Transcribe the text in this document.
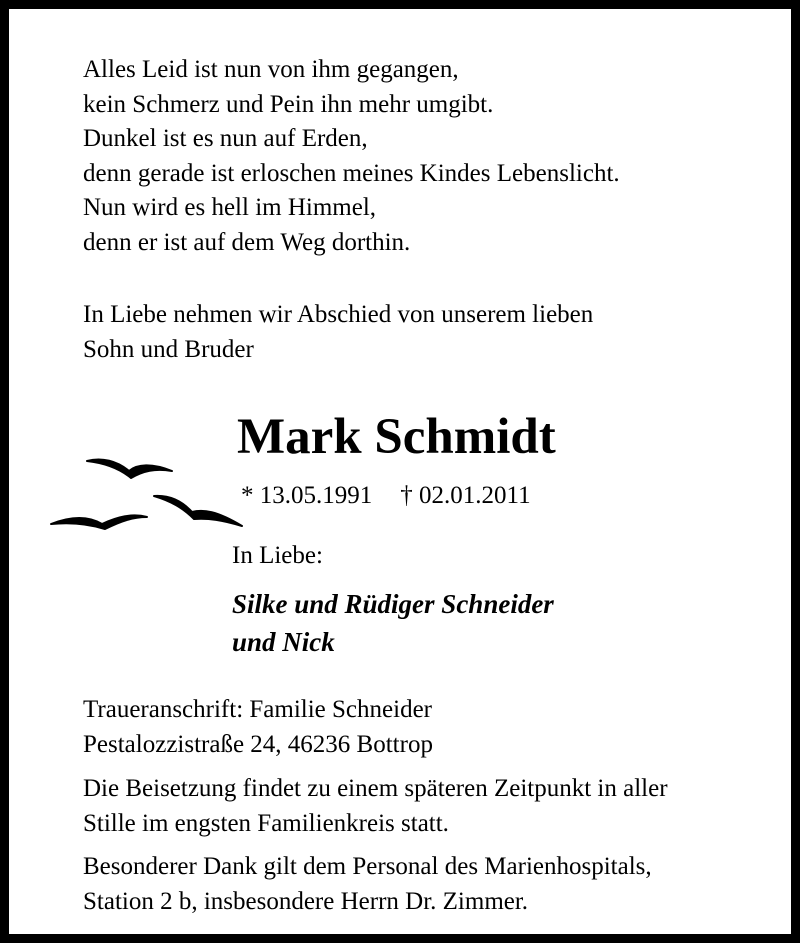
Alles Leid ist nun von ihm gegangen,
kein Schmerz und Pein ihn mehr umgibt.
Dunkel ist es nun auf Erden,
denn gerade ist erloschen meines Kindes Lebenslicht.
Nun wird es hell im Himmel,
denn er ist auf dem Weg dorthin.
In Liebe nehmen wir Abschied von unserem lieben
Sohn und Bruder
Mark Schmidt
* 13.05.1991 † 02.01.2011
In Liebe:
Silke und Rüdiger Schneider
und Nick
Traueranschrift: Familie Schneider
Pestalozzistraße 24, 46236 Bottrop
Die Beisetzung findet zu einem späteren Zeitpunkt in aller
Stille im engsten Familienkreis statt.
Besonderer Dank gilt dem Personal des Marienhospitals,
Station 2 b, insbesondere Herrn Dr. Zimmer.
